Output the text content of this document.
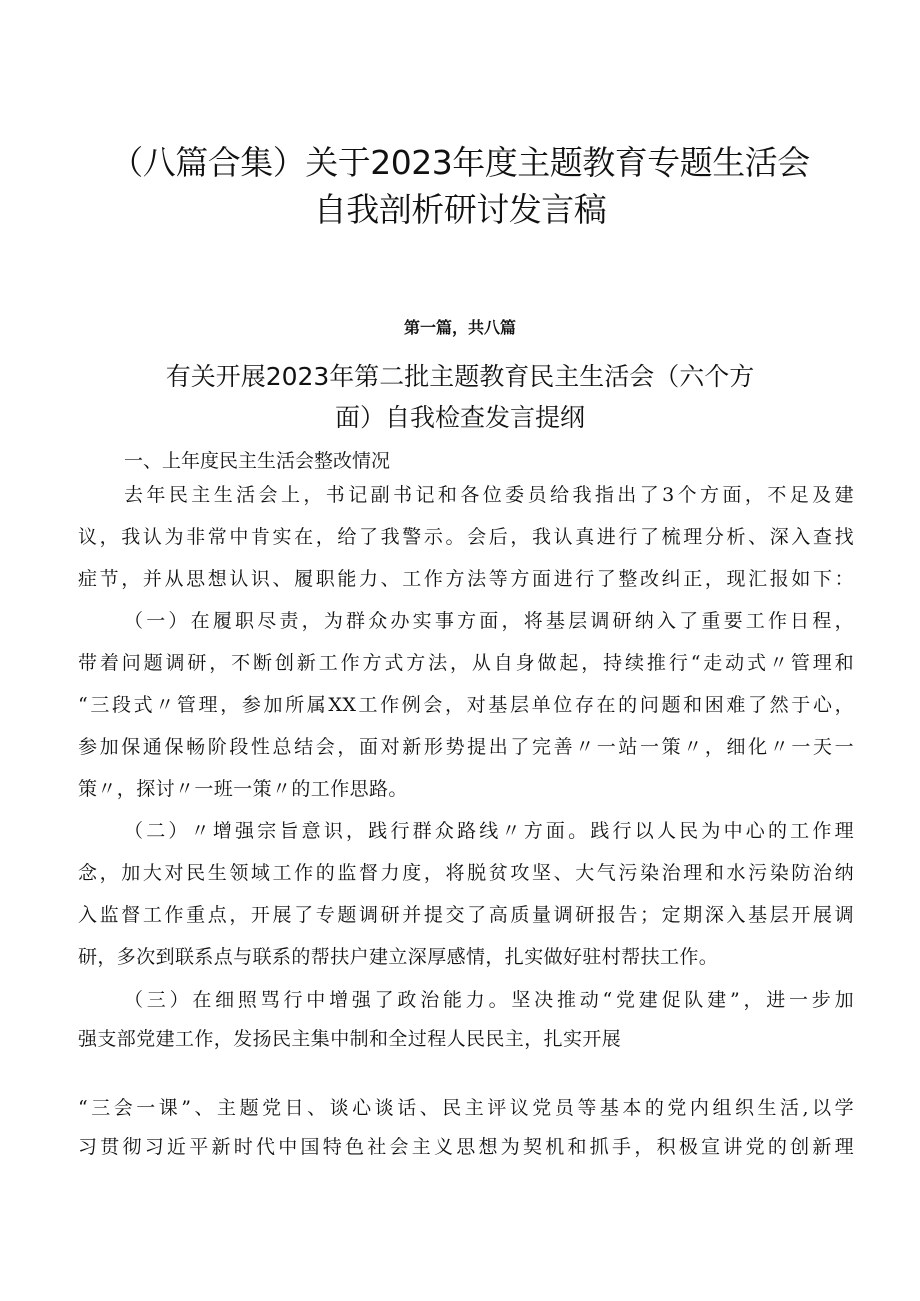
（八篇合集）关于2023年度主题教育专题生活会
自我剖析研讨发言稿
第一篇，共八篇
有关开展2023年第二批主题教育民主生活会（六个方
面）自我检查发言提纲
一、上年度民主生活会整改情况
去年民主生活会上，书记副书记和各位委员给我指出了3个方面，不足及建
议，我认为非常中肯实在，给了我警示。会后，我认真进行了梳理分析、深入查找
症节，并从思想认识、履职能力、工作方法等方面进行了整改纠正，现汇报如下：
（一）在履职尽责，为群众办实事方面，将基层调研纳入了重要工作日程，
带着问题调研，不断创新工作方式方法，从自身做起，持续推行“走动式〃管理和
“三段式〃管理，参加所属XX工作例会，对基层单位存在的问题和困难了然于心，
参加保通保畅阶段性总结会，面对新形势提出了完善〃一站一策〃，细化〃一天一
策〃，探讨〃一班一策〃的工作思路。
（二）〃增强宗旨意识，践行群众路线〃方面。践行以人民为中心的工作理
念，加大对民生领域工作的监督力度，将脱贫攻坚、大气污染治理和水污染防治纳
入监督工作重点，开展了专题调研并提交了高质量调研报告；定期深入基层开展调
研，多次到联系点与联系的帮扶户建立深厚感情，扎实做好驻村帮扶工作。
（三）在细照骂行中增强了政治能力。坚决推动“党建促队建”，进一步加
强支部党建工作，发扬民主集中制和全过程人民民主，扎实开展
“三会一课”、主题党日、谈心谈话、民主评议党员等基本的党内组织生活,以学
习贯彻习近平新时代中国特色社会主义思想为契机和抓手，积极宣讲党的创新理
